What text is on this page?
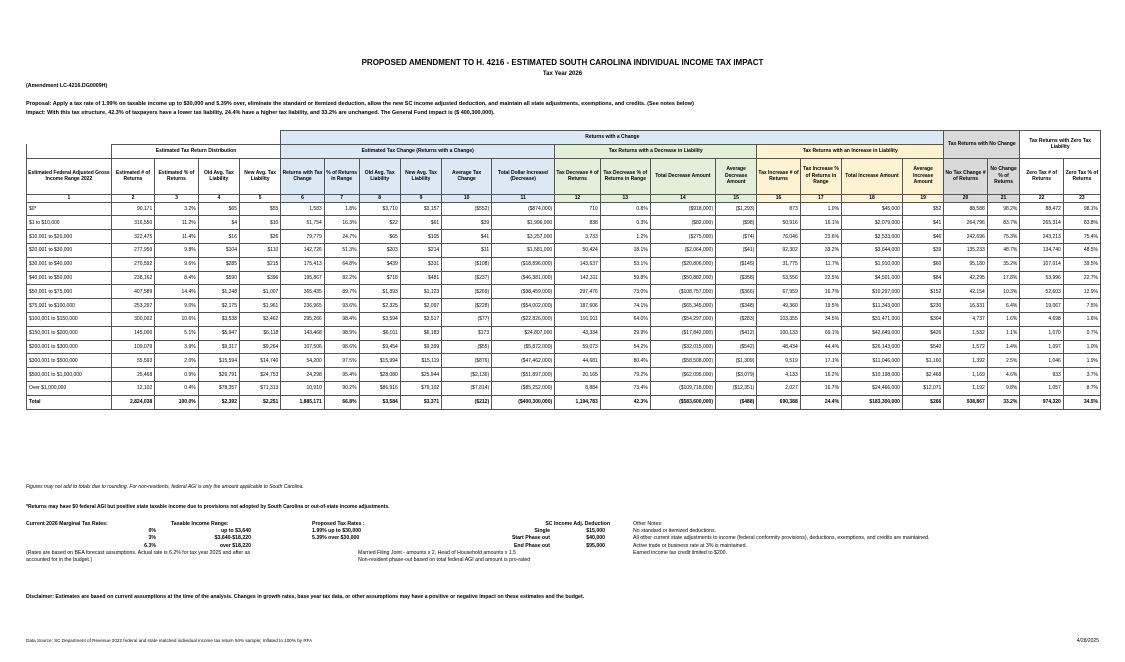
PROPOSED AMENDMENT TO H. 4216 - ESTIMATED SOUTH CAROLINA INDIVIDUAL INCOME TAX IMPACT
Tax Year 2026
(Amendment LC-4216.DG0009H)
Proposal: Apply a tax rate of 1.99% on taxable income up to $30,000 and 5.39% over, eliminate the standard or itemized deduction, allow the new SC income adjusted deduction, and maintain all state adjustments, exemptions, and credits. (See notes below)
Impact: With this tax structure, 42.3% of taxpayers have a lower tax liability, 24.4% have a higher tax liability, and 33.2% are unchanged. The General Fund impact is ($ 400,300,000).
					Returns with a Change														Tax Returns with No Change		Tax Returns with Zero Tax Liability	
	Estimated Tax Return Distribution				Estimated Tax Change (Returns with a Change)						Tax Returns with a Decrease in Liability				Tax Returns with an Increase in Liability							
Estimated Federal Adjusted Gross Income Range 2022	Estimated # of Returns	Estimated % of Returns	Old Avg. Tax Liability	New Avg. Tax Liability	Returns with Tax Change	% of Returns in Range	Old Avg. Tax Liability	New Avg. Tax Liability	Average Tax Change	Total Dollar Increase/ (Decrease)	Tax Decrease # of Returns	Tax Decrease % of Returns in Range	Total Decrease Amount	Average Decrease Amount	Tax Increase # of Returns	Tax Increase % of Returns in Range	Total Increase Amount	Average Increase Amount	No Tax Change # of Returns	No Change % of Returns	Zero Tax # of Returns	Zero Tax % of Returns
1	2	3	4	5	6	7	8	9	10	11	12	13	14	15	16	17	18	19	20	21	22	23
$0*	90,171	3.2%	$65	$55	1,583	1.8%	$3,710	$3,157	($552)	($874,000)	710	0.8%	($918,000)	($1,293)	873	1.0%	$45,000	$52	88,588	98.2%	88,472	98.1%
$1 to $10,000	316,550	11.2%	$4	$10	51,754	16.3%	$22	$61	$39	$1,996,000	838	0.3%	($82,000)	($98)	50,916	16.1%	$2,079,000	$41	264,796	83.7%	265,314	83.8%
$10,001 to $20,000	322,475	11.4%	$16	$26	79,779	24.7%	$65	$105	$41	$3,257,000	3,733	1.2%	($275,000)	($74)	76,046	23.6%	$3,533,000	$46	242,696	75.3%	243,213	75.4%
$20,001 to $30,000	277,959	9.8%	$104	$110	142,726	51.3%	$203	$214	$11	$1,581,000	50,424	18.1%	($2,064,000)	($41)	92,302	33.2%	$3,644,000	$39	135,233	48.7%	134,740	48.5%
$30,001 to $40,000	270,592	9.6%	$285	$215	175,413	64.8%	$439	$331	($108)	($18,896,000)	143,637	53.1%	($20,806,000)	($145)	31,775	11.7%	$1,910,000	$60	95,180	35.2%	107,014	39.5%
$40,001 to $50,000	238,162	8.4%	$590	$396	195,867	82.2%	$718	$481	($237)	($46,381,000)	142,311	59.8%	($50,882,000)	($358)	53,556	22.5%	$4,501,000	$84	42,295	17.8%	53,996	22.7%
$50,001 to $75,000	407,589	14.4%	$1,248	$1,007	365,435	89.7%	$1,393	$1,123	($269)	($98,459,000)	297,476	73.0%	($108,757,000)	($366)	67,959	16.7%	$10,297,000	$152	42,154	10.3%	52,603	12.9%
$75,001 to $100,000	253,297	9.0%	$2,175	$1,961	236,965	93.6%	$2,325	$2,097	($228)	($54,002,000)	187,606	74.1%	($65,345,000)	($348)	49,360	19.5%	$11,343,000	$230	16,331	6.4%	19,067	7.5%
$100,001 to $150,000	300,002	10.6%	$3,538	$3,462	295,266	98.4%	$3,594	$3,517	($77)	($22,826,000)	191,911	64.0%	($54,297,000)	($283)	103,355	34.5%	$31,471,000	$304	4,737	1.6%	4,698	1.6%
$150,001 to $200,000	145,000	5.1%	$5,947	$6,118	143,468	98.9%	$6,011	$6,183	$173	$24,807,000	43,334	29.9%	($17,842,000)	($412)	100,133	69.1%	$42,649,000	$426	1,532	1.1%	1,070	0.7%
$200,001 to $300,000	109,079	3.9%	$9,317	$9,264	107,506	98.6%	$9,454	$9,399	($55)	($5,872,000)	59,073	54.2%	($32,015,000)	($542)	48,434	44.4%	$26,143,000	$540	1,572	1.4%	1,097	1.0%
$300,001 to $500,000	55,593	2.0%	$15,594	$14,740	54,200	97.5%	$15,994	$15,119	($876)	($47,462,000)	44,681	80.4%	($58,508,000)	($1,309)	9,519	17.1%	$11,046,000	$1,160	1,392	2.5%	1,046	1.9%
$500,001 to $1,000,000	25,468	0.9%	$26,791	$24,753	24,298	95.4%	$28,080	$25,944	($2,136)	($51,897,000)	20,165	79.2%	($62,095,000)	($3,079)	4,133	16.2%	$10,198,000	$2,468	1,169	4.6%	933	3.7%
Over $1,000,000	12,102	0.4%	$78,357	$71,313	10,910	90.2%	$86,916	$79,102	($7,814)	($85,252,000)	8,884	73.4%	($109,718,000)	($12,351)	2,027	16.7%	$24,466,000	$12,071	1,192	9.8%	1,057	8.7%
Total	2,824,038	100.0%	$2,392	$2,251	1,885,171	66.8%	$3,584	$3,371	($212)	($400,300,000)	1,194,783	42.3%	($583,600,000)	($488)	690,388	24.4%	$183,300,000	$266	938,867	33.2%	974,320	34.5%
Figures may not add to totals due to rounding. For non-residents, federal AGI is only the amount applicable to South Carolina.
*Returns may have $0 federal AGI but positive state taxable income due to provisions not adopted by South Carolina or out-of-state income adjustments.
Current 2026 Marginal Tax Rates:	Taxable Income Range:
0%	up to $3,640
3%	$3,640-$18,220
6.3%	over $18,220
(Rates are based on BEA forecast assumptions. Actual rate is 6.2% for tax year 2025 and after as accounted for in the budget.)
Proposed Tax Rates :
1.99% up to $30,000
5.39% over $30,000

Married Filing Joint - amounts x 2, Head of Household amounts x 1.5
Non-resident phase-out based on total federal AGI and amount is pro-rated
SC Income Adj. Deduction
Single	$15,000
Start Phase out	$40,000
End Phase out	$95,000
Other Notes:
No standard or itemized deductions.
All other current state adjustments to income (federal conformity provisions), deductions, exemptions, and credits are maintained.
Active trade or business rate at 3% is maintained.
Earned income tax credit limited to $200.
Disclaimer: Estimates are based on current assumptions at the time of the analysis. Changes in growth rates, base year tax data, or other assumptions may have a positive or negative impact on these estimates and the budget.
Data Source: SC Department of Revenue 2022 federal and state matched individual income tax return 94% sample; Inflated to 100% by RFA	4/28/2025
